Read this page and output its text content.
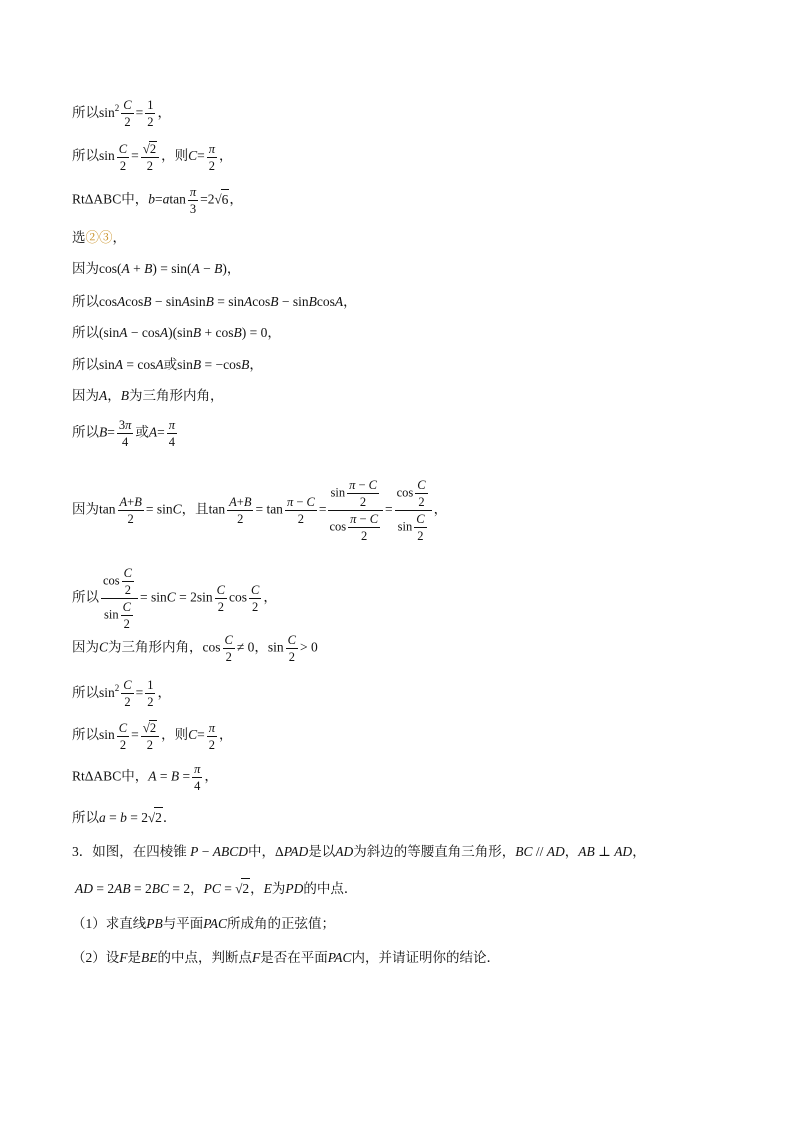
所以$\sin^2 \frac{C}{2} = \frac{1}{2}$ ，
所以$\sin \frac{C}{2} = \frac{√2}{2}$ ，则$C= \frac{\pi}{2}$ ，
RtΔABC中，$b=atan \frac{\pi}{3} =2√6$，
选②③，
因为cos(A + B) = sin(A − B)，
所以cosAcosB − sinAsinB = sinAcosB − sinBcosA，
所以(sinA − cosA)(sinB + cosB) = 0，
所以sinA = cosA或sinB = −cosB，
因为A，B为三角形内角，
所以$B= \frac{3\pi}{4}$ 或$A= \frac{\pi}{4}$
因为$\tan \frac{A+B}{2} = \sin C$，且$\tan \frac{A+B}{2} = \tan \frac{\pi - C}{2} = \frac{\sin \frac{\pi - C}{2}}{\cos \frac{\pi - C}{2}} = \frac{\cos \frac{C}{2}}{\sin \frac{C}{2}}$ ，
所以 $\frac{\cos \frac{C}{2}}{\sin \frac{C}{2}} = \sin C = 2\sin \frac{C}{2}$ $\cos \frac{C}{2}$ ，
因为C为三角形内角，$\cos \frac{C}{2} \ne 0$，$\sin \frac{C}{2} > 0$
所以$\sin^2 \frac{C}{2} = \frac{1}{2}$ ，
所以$\sin \frac{C}{2} = \frac{√2}{2}$ ，则$C= \frac{\pi}{2}$ ，
RtΔABC中，$A = B = \frac{\pi}{4}$ ，
所以a = b = 2√2．
3．如图，在四棱锥 P − ABCD中，ΔPAD是以AD为斜边的等腰直角三角形，BC // AD，AB ⊥ AD，
AD = 2AB = 2BC = 2，PC = √2，E为PD的中点．
（1）求直线PB与平面PAC所成角的正弦值；
（2）设F是BE的中点，判断点F是否在平面PAC内，并请证明你的结论．
